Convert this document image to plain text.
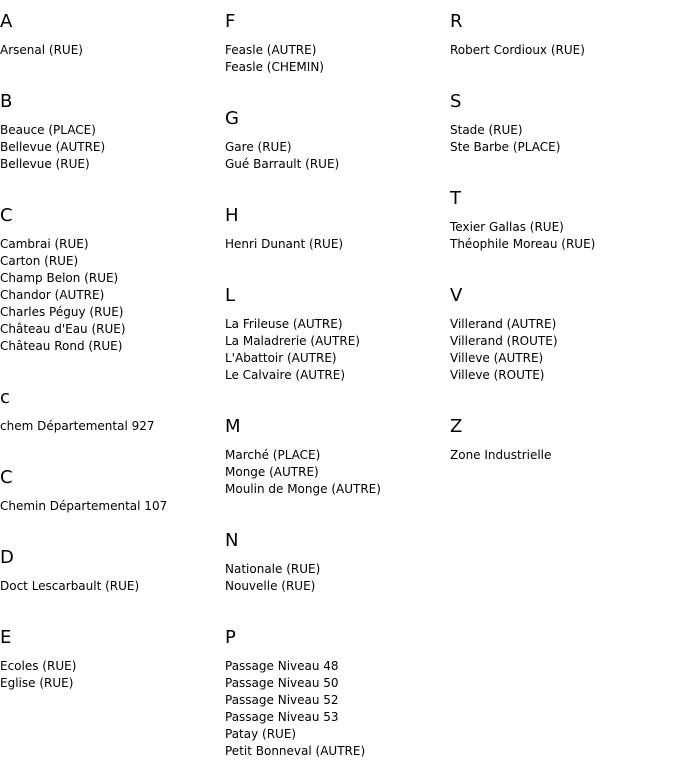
A
Arsenal (RUE)
B
Beauce (PLACE)
Bellevue (AUTRE)
Bellevue (RUE)
C
Cambrai (RUE)
Carton (RUE)
Champ Belon (RUE)
Chandor (AUTRE)
Charles Péguy (RUE)
Château d'Eau (RUE)
Château Rond (RUE)
c
chem Départemental 927
C
Chemin Départemental 107
D
Doct Lescarbault (RUE)
E
Ecoles (RUE)
Eglise (RUE)
F
Feasle (AUTRE)
Feasle (CHEMIN)
G
Gare (RUE)
Gué Barrault (RUE)
H
Henri Dunant (RUE)
L
La Frileuse (AUTRE)
La Maladrerie (AUTRE)
L'Abattoir (AUTRE)
Le Calvaire (AUTRE)
M
Marché (PLACE)
Monge (AUTRE)
Moulin de Monge (AUTRE)
N
Nationale (RUE)
Nouvelle (RUE)
P
Passage Niveau 48
Passage Niveau 50
Passage Niveau 52
Passage Niveau 53
Patay (RUE)
Petit Bonneval (AUTRE)
R
Robert Cordioux (RUE)
S
Stade (RUE)
Ste Barbe (PLACE)
T
Texier Gallas (RUE)
Théophile Moreau (RUE)
V
Villerand (AUTRE)
Villerand (ROUTE)
Villeve (AUTRE)
Villeve (ROUTE)
Z
Zone Industrielle
